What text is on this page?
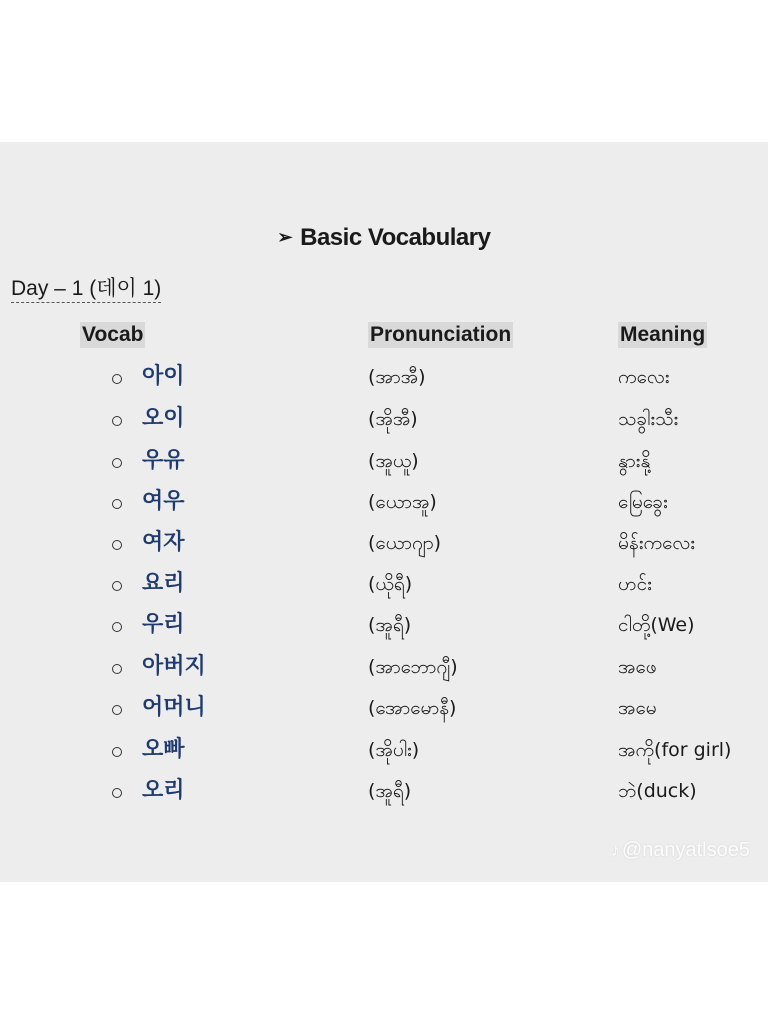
➢ Basic Vocabulary
Day – 1 (데이 1)
Vocab	Pronunciation	Meaning
아이	(အာအီ)	ကလေး
오이	(အိုအီ)	သခွါးသီး
우유	(အူယူ)	နွားနို့
여우	(ယောအူ)	မြေခွေး
여자	(ယောဂျာ)	မိန်းကလေး
요리	(ယိုရီ)	ဟင်း
우리	(အူရီ)	ငါတို့(We)
아버지	(အာဘောဂျီ)	အဖေ
어머니	(အောမောနီ)	အမေ
오빠	(အိုပါး)	အကို(for girl)
오리	(အူရီ)	ဘဲ(duck)
♪ @nanyatlsoe5
